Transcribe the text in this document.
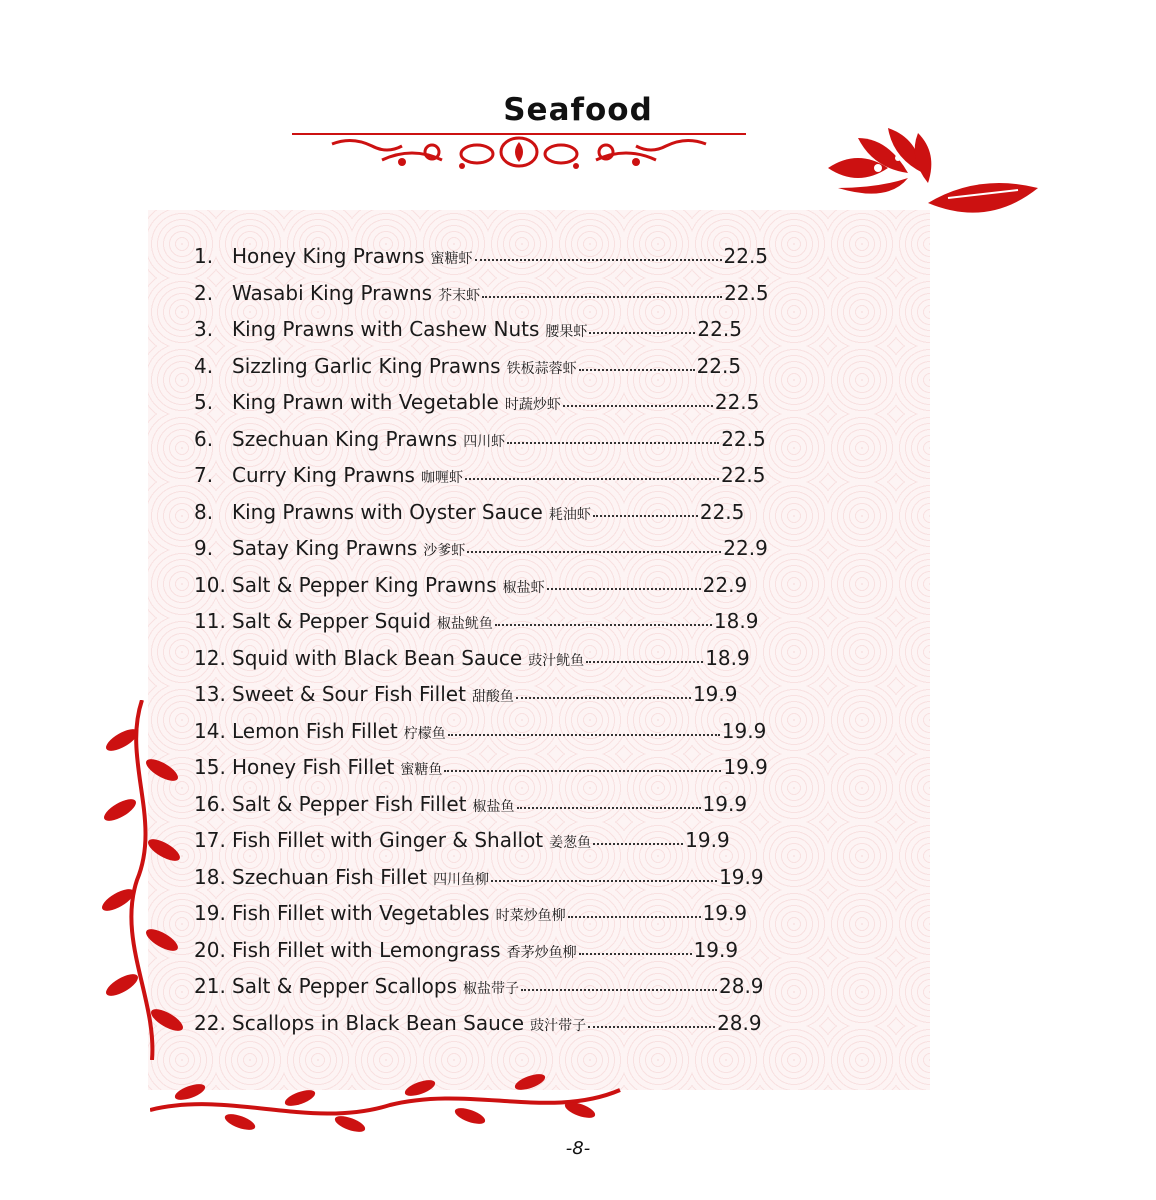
Seafood
1. Honey King Prawns 蜜糖虾	22.5
2. Wasabi King Prawns 芥末虾	22.5
3. King Prawns with Cashew Nuts 腰果虾	22.5
4. Sizzling Garlic King Prawns 铁板蒜蓉虾	22.5
5. King Prawn with Vegetable 时蔬炒虾	22.5
6. Szechuan King Prawns 四川虾	22.5
7. Curry King Prawns 咖喱虾	22.5
8. King Prawns with Oyster Sauce 耗油虾	22.5
9. Satay King Prawns 沙爹虾	22.9
10. Salt & Pepper King Prawns 椒盐虾	22.9
11. Salt & Pepper Squid 椒盐鱿鱼	18.9
12. Squid with Black Bean Sauce 豉汁鱿鱼	18.9
13. Sweet & Sour Fish Fillet 甜酸鱼	19.9
14. Lemon Fish Fillet 柠檬鱼	19.9
15. Honey Fish Fillet 蜜糖鱼	19.9
16. Salt & Pepper Fish Fillet 椒盐鱼	19.9
17. Fish Fillet with Ginger & Shallot 姜葱鱼	19.9
18. Szechuan Fish Fillet 四川鱼柳	19.9
19. Fish Fillet with Vegetables 时菜炒鱼柳	19.9
20. Fish Fillet with Lemongrass 香茅炒鱼柳	19.9
21. Salt & Pepper Scallops 椒盐带子	28.9
22. Scallops in Black Bean Sauce 豉汁带子	28.9
-8-
